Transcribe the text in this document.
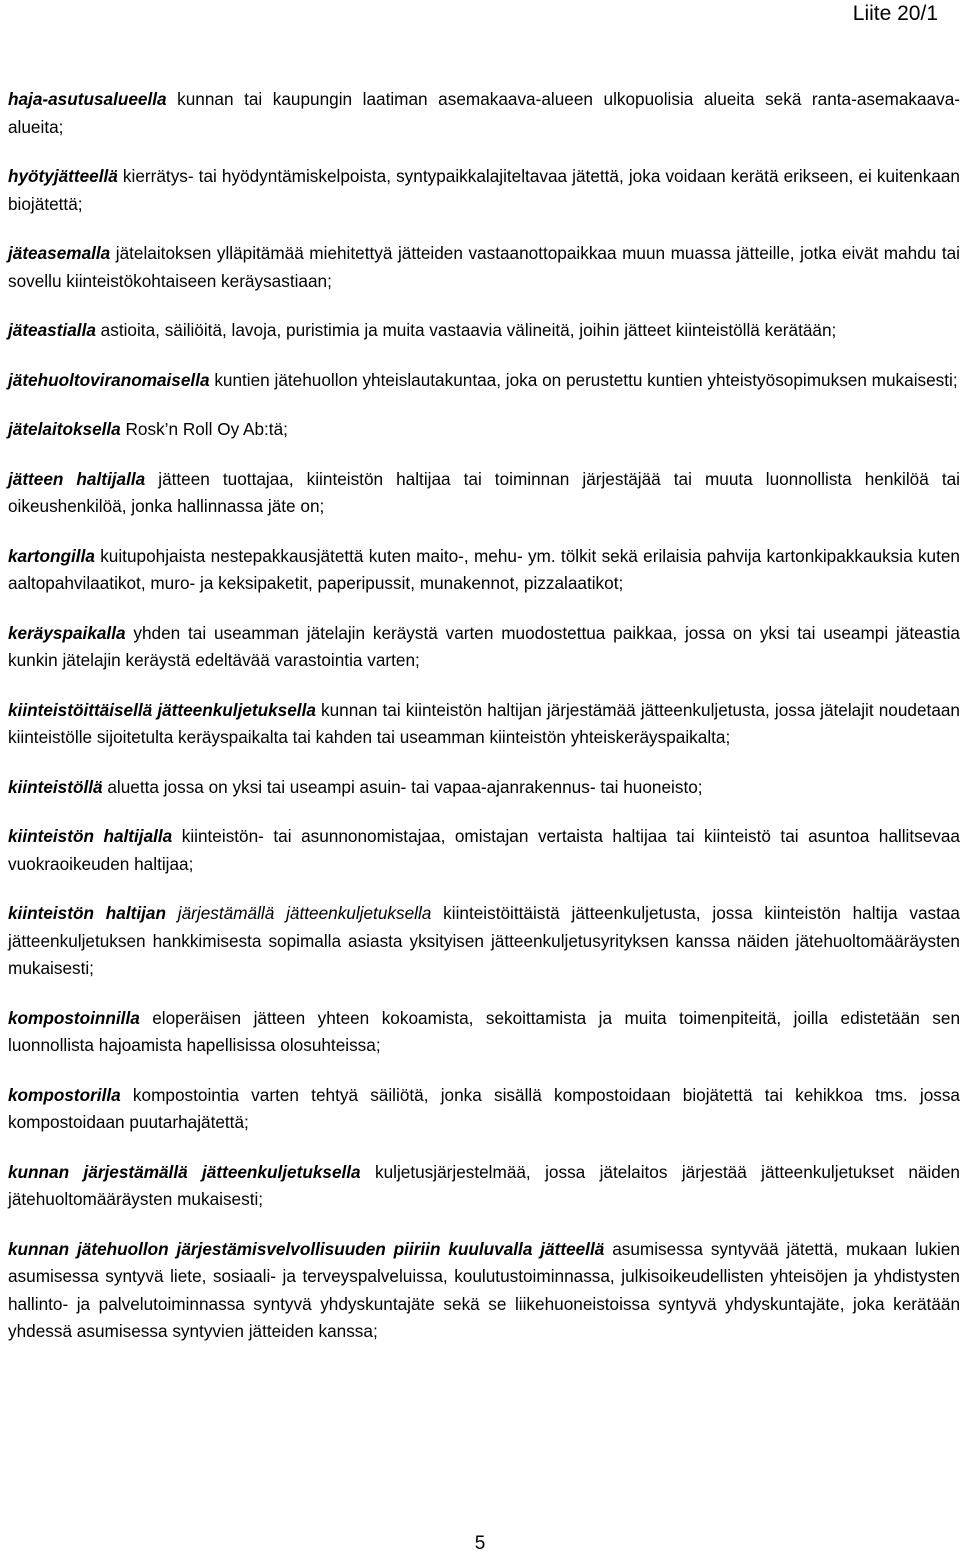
Liite 20/1

haja-asutusalueella kunnan tai kaupungin laatiman asemakaava-alueen ulkopuolisia alueita sekä ranta-asemakaava-alueita;

hyötyjätteellä kierrätys- tai hyödyntämiskelpoista, syntypaikkalajiteltavaa jätettä, joka voidaan kerätä erikseen, ei kuitenkaan biojätettä;

jäteasemalla jätelaitoksen ylläpitämää miehitettyä jätteiden vastaanottopaikkaa muun muassa jätteille, jotka eivät mahdu tai sovellu kiinteistökohtaiseen keräysastiaan;

jäteastialla astioita, säiliöitä, lavoja, puristimia ja muita vastaavia välineitä, joihin jätteet kiinteistöllä kerätään;

jätehuoltoviranomaisella kuntien jätehuollon yhteislautakuntaa, joka on perustettu kuntien yhteistyösopimuksen mukaisesti;

jätelaitoksella Rosk’n Roll Oy Ab:tä;

jätteen haltijalla jätteen tuottajaa, kiinteistön haltijaa tai toiminnan järjestäjää tai muuta luonnollista henkilöä tai oikeushenkilöä, jonka hallinnassa jäte on;

kartongilla kuitupohjaista nestepakkausjätettä kuten maito-, mehu- ym. tölkit sekä erilaisia pahvija kartonkipakkauksia kuten aaltopahvilaatikot, muro- ja keksipaketit, paperipussit, munakennot, pizzalaatikot;

keräyspaikalla yhden tai useamman jätelajin keräystä varten muodostettua paikkaa, jossa on yksi tai useampi jäteastia kunkin jätelajin keräystä edeltävää varastointia varten;

kiinteistöittäisellä jätteenkuljetuksella kunnan tai kiinteistön haltijan järjestämää jätteenkuljetusta, jossa jätelajit noudetaan kiinteistölle sijoitetulta keräyspaikalta tai kahden tai useamman kiinteistön yhteiskeräyspaikalta;

kiinteistöllä aluetta jossa on yksi tai useampi asuin- tai vapaa-ajanrakennus- tai huoneisto;

kiinteistön haltijalla kiinteistön- tai asunnonomistajaa, omistajan vertaista haltijaa tai kiinteistö tai asuntoa hallitsevaa vuokraoikeuden haltijaa;

kiinteistön haltijan järjestämällä jätteenkuljetuksella kiinteistöittäistä jätteenkuljetusta, jossa kiinteistön haltija vastaa jätteenkuljetuksen hankkimisesta sopimalla asiasta yksityisen jätteenkuljetusyrityksen kanssa näiden jätehuoltomääräysten mukaisesti;

kompostoinnilla eloperäisen jätteen yhteen kokoamista, sekoittamista ja muita toimenpiteitä, joilla edistetään sen luonnollista hajoamista hapellisissa olosuhteissa;

kompostorilla kompostointia varten tehtyä säiliötä, jonka sisällä kompostoidaan biojätettä tai kehikkoa tms. jossa kompostoidaan puutarhajätettä;

kunnan järjestämällä jätteenkuljetuksella kuljetusjärjestelmää, jossa jätelaitos järjestää jätteenkuljetukset näiden jätehuoltomääräysten mukaisesti;

kunnan jätehuollon järjestämisvelvollisuuden piiriin kuuluvalla jätteellä asumisessa syntyvää jätettä, mukaan lukien asumisessa syntyvä liete, sosiaali- ja terveyspalveluissa, koulutustoiminnassa, julkisoikeudellisten yhteisöjen ja yhdistysten hallinto- ja palvelutoiminnassa syntyvä yhdyskuntajäte sekä se liikehuoneistoissa syntyvä yhdyskuntajäte, joka kerätään yhdessä asumisessa syntyvien jätteiden kanssa;

5
